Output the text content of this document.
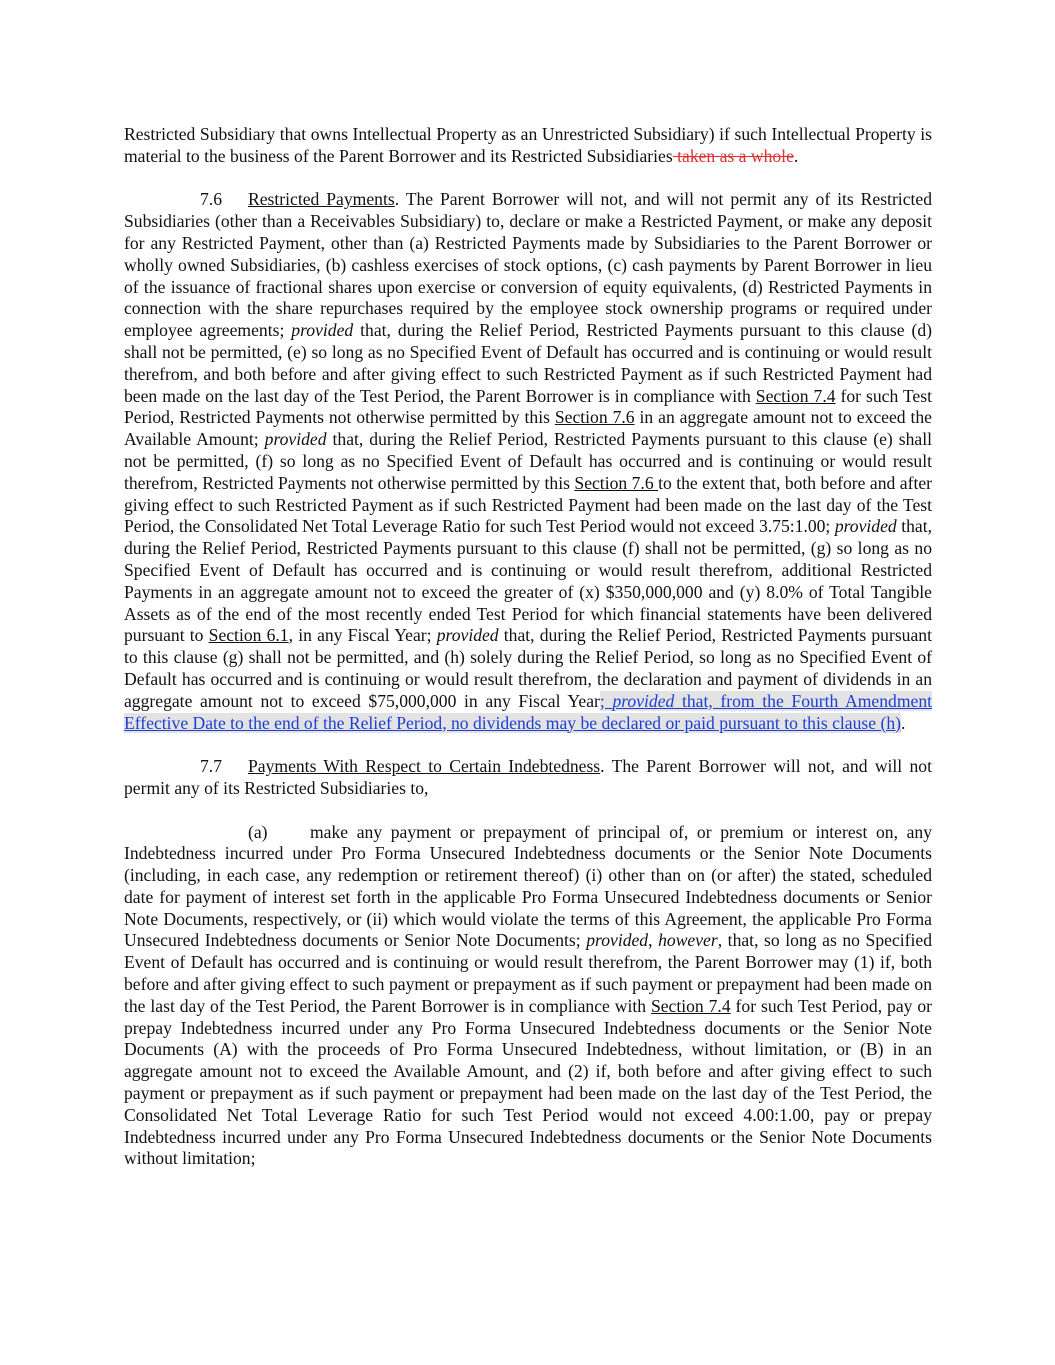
Restricted Subsidiary that owns Intellectual Property as an Unrestricted Subsidiary) if such Intellectual Property is material to the business of the Parent Borrower and its Restricted Subsidiaries taken as a whole.

7.6 Restricted Payments. The Parent Borrower will not, and will not permit any of its Restricted Subsidiaries (other than a Receivables Subsidiary) to, declare or make a Restricted Payment, or make any deposit for any Restricted Payment, other than (a) Restricted Payments made by Subsidiaries to the Parent Borrower or wholly owned Subsidiaries, (b) cashless exercises of stock options, (c) cash payments by Parent Borrower in lieu of the issuance of fractional shares upon exercise or conversion of equity equivalents, (d) Restricted Payments in connection with the share repurchases required by the employee stock ownership programs or required under employee agreements; provided that, during the Relief Period, Restricted Payments pursuant to this clause (d) shall not be permitted, (e) so long as no Specified Event of Default has occurred and is continuing or would result therefrom, and both before and after giving effect to such Restricted Payment as if such Restricted Payment had been made on the last day of the Test Period, the Parent Borrower is in compliance with Section 7.4 for such Test Period, Restricted Payments not otherwise permitted by this Section 7.6 in an aggregate amount not to exceed the Available Amount; provided that, during the Relief Period, Restricted Payments pursuant to this clause (e) shall not be permitted, (f) so long as no Specified Event of Default has occurred and is continuing or would result therefrom, Restricted Payments not otherwise permitted by this Section 7.6 to the extent that, both before and after giving effect to such Restricted Payment as if such Restricted Payment had been made on the last day of the Test Period, the Consolidated Net Total Leverage Ratio for such Test Period would not exceed 3.75:1.00; provided that, during the Relief Period, Restricted Payments pursuant to this clause (f) shall not be permitted, (g) so long as no Specified Event of Default has occurred and is continuing or would result therefrom, additional Restricted Payments in an aggregate amount not to exceed the greater of (x) $350,000,000 and (y) 8.0% of Total Tangible Assets as of the end of the most recently ended Test Period for which financial statements have been delivered pursuant to Section 6.1, in any Fiscal Year; provided that, during the Relief Period, Restricted Payments pursuant to this clause (g) shall not be permitted, and (h) solely during the Relief Period, so long as no Specified Event of Default has occurred and is continuing or would result therefrom, the declaration and payment of dividends in an aggregate amount not to exceed $75,000,000 in any Fiscal Year; provided that, from the Fourth Amendment Effective Date to the end of the Relief Period, no dividends may be declared or paid pursuant to this clause (h).

7.7 Payments With Respect to Certain Indebtedness. The Parent Borrower will not, and will not permit any of its Restricted Subsidiaries to,

(a) make any payment or prepayment of principal of, or premium or interest on, any Indebtedness incurred under Pro Forma Unsecured Indebtedness documents or the Senior Note Documents (including, in each case, any redemption or retirement thereof) (i) other than on (or after) the stated, scheduled date for payment of interest set forth in the applicable Pro Forma Unsecured Indebtedness documents or Senior Note Documents, respectively, or (ii) which would violate the terms of this Agreement, the applicable Pro Forma Unsecured Indebtedness documents or Senior Note Documents; provided, however, that, so long as no Specified Event of Default has occurred and is continuing or would result therefrom, the Parent Borrower may (1) if, both before and after giving effect to such payment or prepayment as if such payment or prepayment had been made on the last day of the Test Period, the Parent Borrower is in compliance with Section 7.4 for such Test Period, pay or prepay Indebtedness incurred under any Pro Forma Unsecured Indebtedness documents or the Senior Note Documents (A) with the proceeds of Pro Forma Unsecured Indebtedness, without limitation, or (B) in an aggregate amount not to exceed the Available Amount, and (2) if, both before and after giving effect to such payment or prepayment as if such payment or prepayment had been made on the last day of the Test Period, the Consolidated Net Total Leverage Ratio for such Test Period would not exceed 4.00:1.00, pay or prepay Indebtedness incurred under any Pro Forma Unsecured Indebtedness documents or the Senior Note Documents without limitation;
